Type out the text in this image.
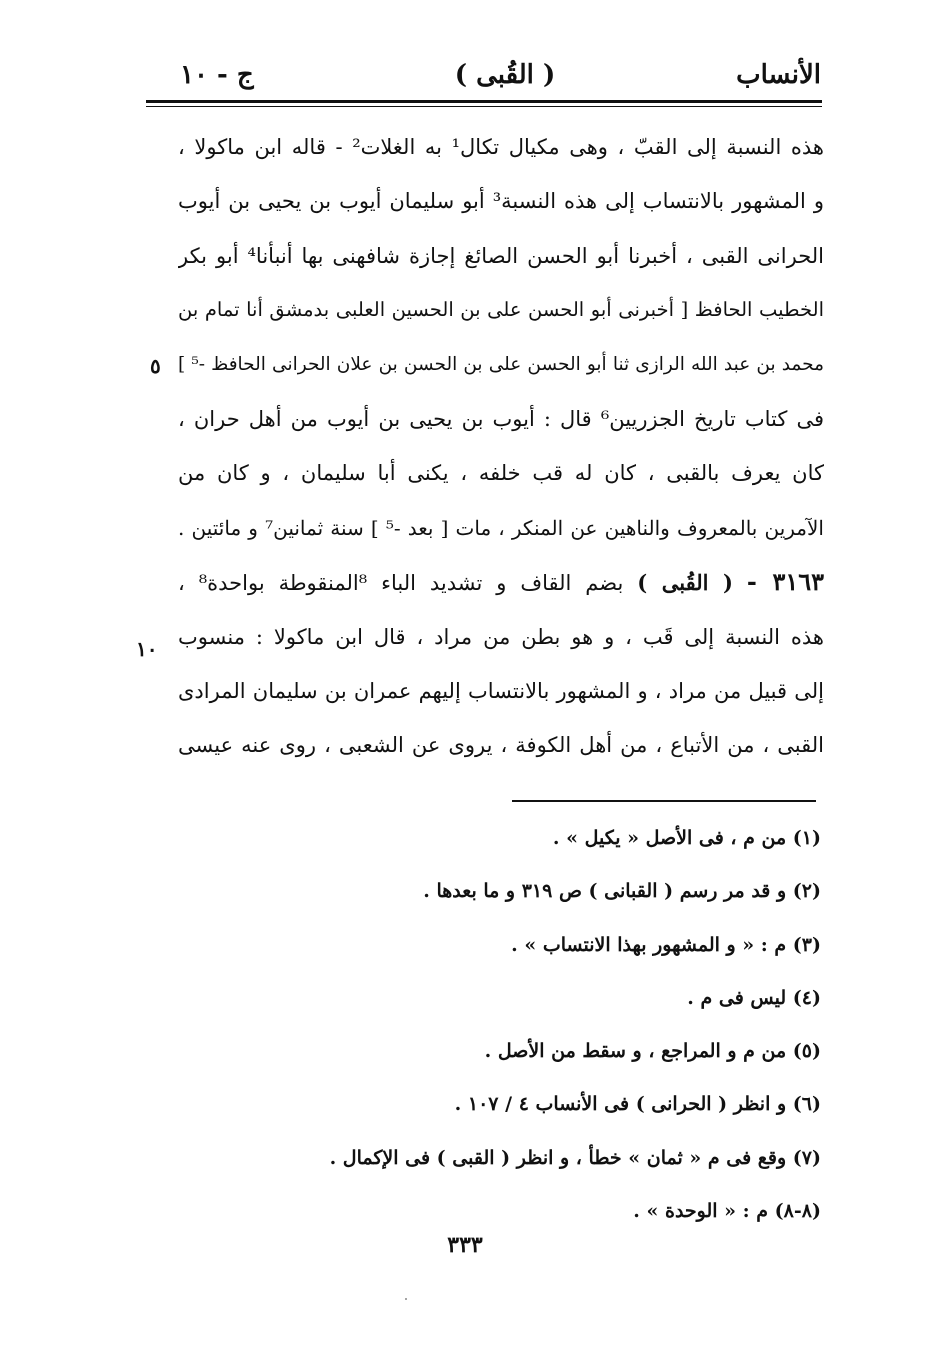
الأنساب
( القُبى )
ج - ١٠
هذه النسبة إلى القبّ ، وهى مكيال تكال¹ به الغلات² - قاله ابن ماكولا ،
و المشهور بالانتساب إلى هذه النسبة³ أبو سليمان أيوب بن يحيى بن أيوب
الحرانى القبى ، أخبرنا أبو الحسن الصائغ إجازة شافهنى بها أنبأنا⁴ أبو بكر
الخطيب الحافظ [ أخبرنى أبو الحسن على بن الحسين العلبى بدمشق أنا تمام بن
محمد بن عبد الله الرازى ثنا أبو الحسن على بن الحسن بن علان الحرانى الحافظ -⁵ ]
فى كتاب تاريخ الجزريين⁶ قال : أيوب بن يحيى بن أيوب من أهل حران ،
كان يعرف بالقبى ، كان له قب خلفه ، يكنى أبا سليمان ، و كان من
الآمرين بالمعروف والناهين عن المنكر ، مات [ بعد -⁵ ] سنة ثمانين⁷ و مائتين .
٣١٦٣ - ( القُبى ) بضم القاف و تشديد الباء ⁸المنقوطة بواحدة⁸ ،
هذه النسبة إلى قَب ، و هو بطن من مراد ، قال ابن ماكولا : منسوب
إلى قبيل من مراد ، و المشهور بالانتساب إليهم عمران بن سليمان المرادى
القبى ، من الأتباع ، من أهل الكوفة ، يروى عن الشعبى ، روى عنه عيسى
٥
١٠
(١) من م ، فى الأصل « يكيل » .
(٢) و قد مر رسم ( القبانى ) ص ٣١٩ و ما بعدها .
(٣) م : « و المشهور بهذا الانتساب » .
(٤) ليس فى م .
(٥) من م و المراجع ، و سقط من الأصل .
(٦) و انظر ( الحرانى ) فى الأنساب ٤ / ١٠٧ .
(٧) وقع فى م « ثمان » خطأ ، و انظر ( القبى ) فى الإكمال .
(٨-٨) م : « الوحدة » .
٣٣٣
